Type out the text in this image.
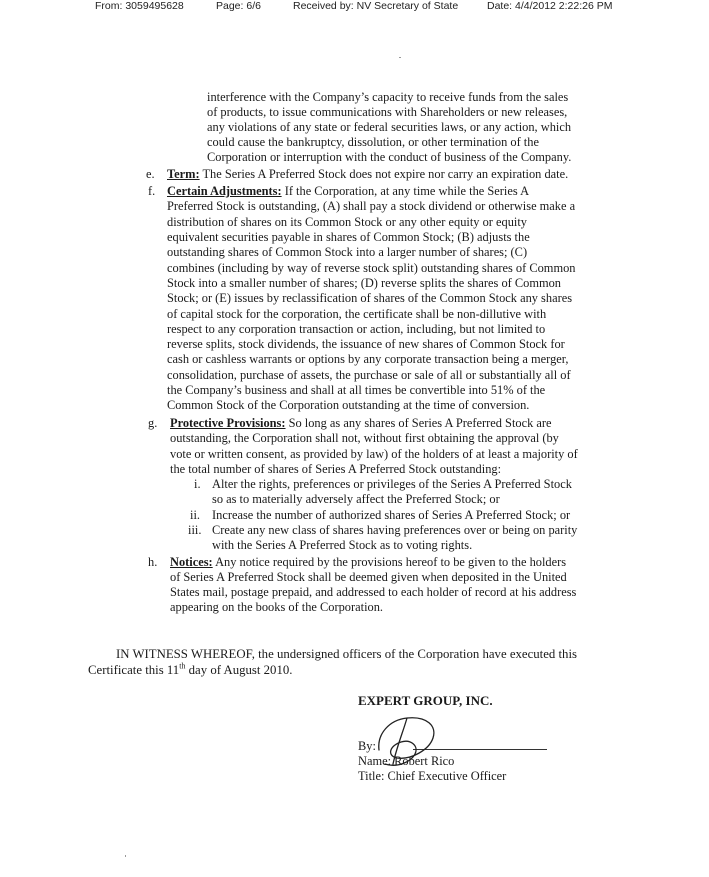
From: 3059495628	Page: 6/6	Received by: NV Secretary of State	Date: 4/4/2012 2:22:26 PM
interference with the Company’s capacity to receive funds from the sales
of products, to issue communications with Shareholders or new releases,
any violations of any state or federal securities laws, or any action, which
could cause the bankruptcy, dissolution, or other termination of the
Corporation or interruption with the conduct of business of the Company.
e. Term: The Series A Preferred Stock does not expire nor carry an expiration date.
f. Certain Adjustments: If the Corporation, at any time while the Series A
Preferred Stock is outstanding, (A) shall pay a stock dividend or otherwise make a
distribution of shares on its Common Stock or any other equity or equity
equivalent securities payable in shares of Common Stock; (B) adjusts the
outstanding shares of Common Stock into a larger number of shares; (C)
combines (including by way of reverse stock split) outstanding shares of Common
Stock into a smaller number of shares; (D) reverse splits the shares of Common
Stock; or (E) issues by reclassification of shares of the Common Stock any shares
of capital stock for the corporation, the certificate shall be non-dillutive with
respect to any corporation transaction or action, including, but not limited to
reverse splits, stock dividends, the issuance of new shares of Common Stock for
cash or cashless warrants or options by any corporate transaction being a merger,
consolidation, purchase of assets, the purchase or sale of all or substantially all of
the Company’s business and shall at all times be convertible into 51% of the
Common Stock of the Corporation outstanding at the time of conversion.
g. Protective Provisions: So long as any shares of Series A Preferred Stock are
outstanding, the Corporation shall not, without first obtaining the approval (by
vote or written consent, as provided by law) of the holders of at least a majority of
the total number of shares of Series A Preferred Stock outstanding:
i. Alter the rights, preferences or privileges of the Series A Preferred Stock
so as to materially adversely affect the Preferred Stock; or
ii. Increase the number of authorized shares of Series A Preferred Stock; or
iii. Create any new class of shares having preferences over or being on parity
with the Series A Preferred Stock as to voting rights.
h. Notices: Any notice required by the provisions hereof to be given to the holders
of Series A Preferred Stock shall be deemed given when deposited in the United
States mail, postage prepaid, and addressed to each holder of record at his address
appearing on the books of the Corporation.
IN WITNESS WHEREOF, the undersigned officers of the Corporation have executed this
Certificate this 11th day of August 2010.
EXPERT GROUP, INC.
By:
Name: Robert Rico
Title: Chief Executive Officer
